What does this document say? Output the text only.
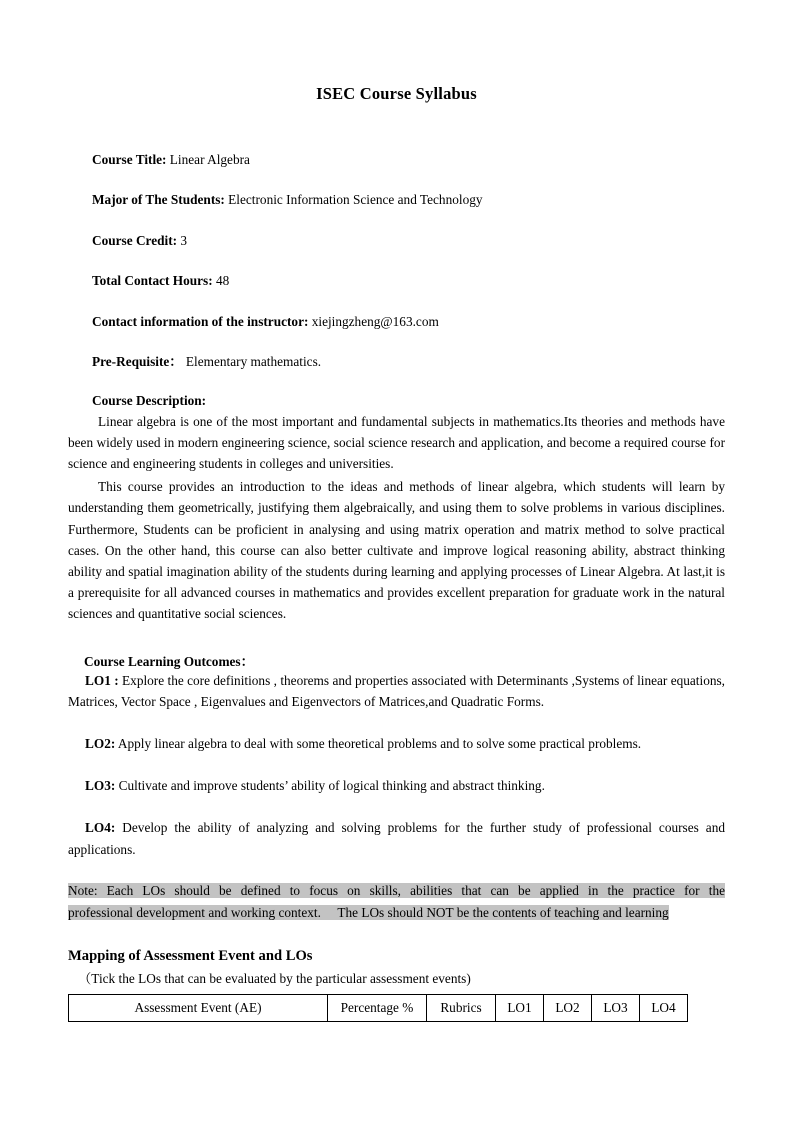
ISEC Course Syllabus

Course Title: Linear Algebra

Major of The Students: Electronic Information Science and Technology

Course Credit: 3

Total Contact Hours: 48

Contact information of the instructor: xiejingzheng@163.com

Pre-Requisite： Elementary mathematics.

Course Description:

Linear algebra is one of the most important and fundamental subjects in mathematics.Its theories and methods have been widely used in modern engineering science, social science research and application, and become a required course for science and engineering students in colleges and universities.

This course provides an introduction to the ideas and methods of linear algebra, which students will learn by understanding them geometrically, justifying them algebraically, and using them to solve problems in various disciplines. Furthermore, Students can be proficient in analysing and using matrix operation and matrix method to solve practical cases. On the other hand, this course can also better cultivate and improve logical reasoning ability, abstract thinking ability and spatial imagination ability of the students during learning and applying processes of Linear Algebra. At last,it is a prerequisite for all advanced courses in mathematics and provides excellent preparation for graduate work in the natural sciences and quantitative social sciences.

Course Learning Outcomes：

LO1 : Explore the core definitions , theorems and properties associated with Determinants ,Systems of linear equations, Matrices, Vector Space , Eigenvalues and Eigenvectors of Matrices,and Quadratic Forms.

LO2: Apply linear algebra to deal with some theoretical problems and to solve some practical problems.

LO3: Cultivate and improve students’ ability of logical thinking and abstract thinking.

LO4: Develop the ability of analyzing and solving problems for the further study of professional courses and applications.

Note: Each LOs should be defined to focus on skills, abilities that can be applied in the practice for the
professional development and working context.　 The LOs should NOT be the contents of teaching and learning
Mapping of Assessment Event and LOs

（Tick the LOs that can be evaluated by the particular assessment events)

Assessment Event (AE)	Percentage %	Rubrics	LO1	LO2	LO3	LO4
